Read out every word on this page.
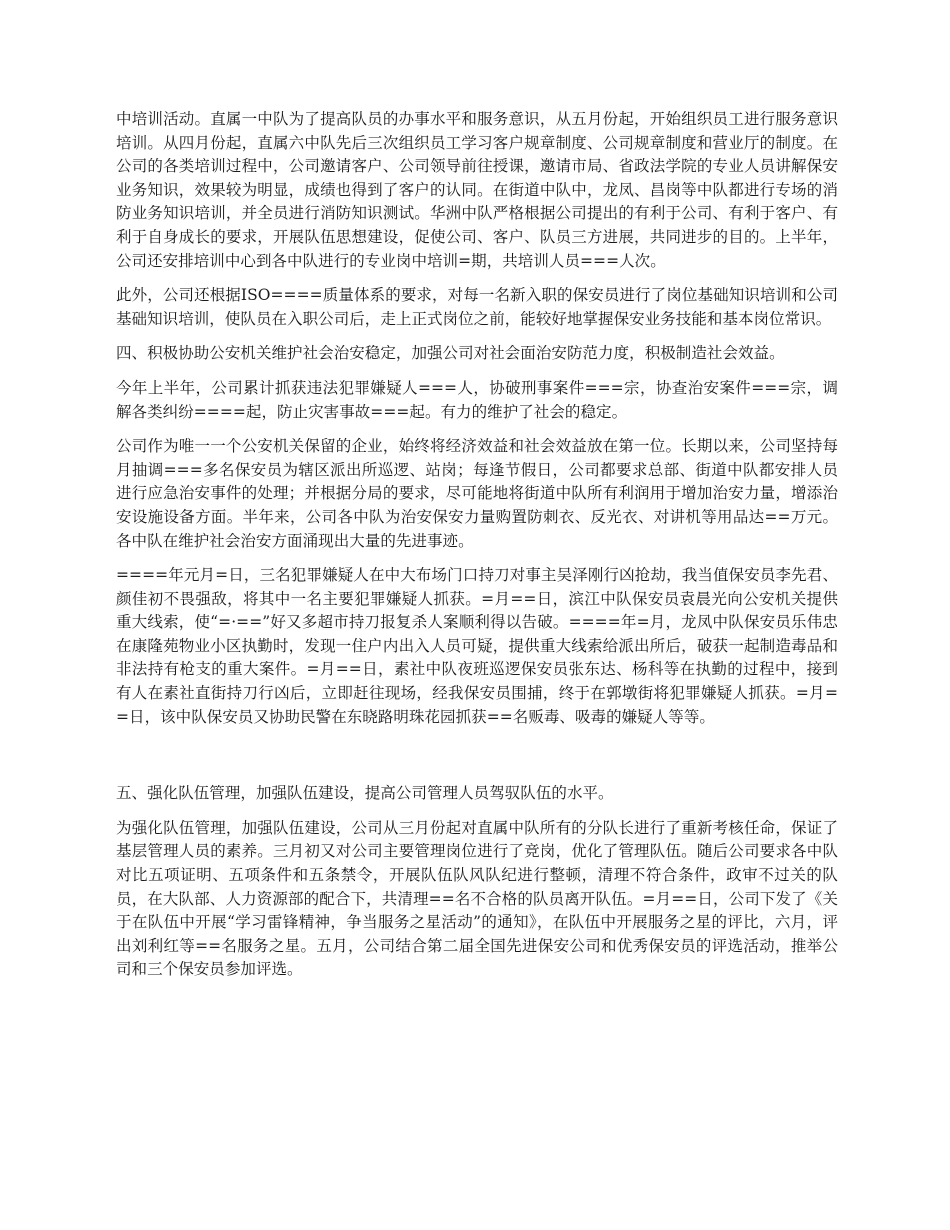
中培训活动。直属一中队为了提高队员的办事水平和服务意识，从五月份起，开始组织员工进行服务意识培训。从四月份起，直属六中队先后三次组织员工学习客户规章制度、公司规章制度和营业厅的制度。在公司的各类培训过程中，公司邀请客户、公司领导前往授课，邀请市局、省政法学院的专业人员讲解保安业务知识，效果较为明显，成绩也得到了客户的认同。在街道中队中，龙凤、昌岗等中队都进行专场的消防业务知识培训，并全员进行消防知识测试。华洲中队严格根据公司提出的有利于公司、有利于客户、有利于自身成长的要求，开展队伍思想建设，促使公司、客户、队员三方进展，共同进步的目的。上半年，公司还安排培训中心到各中队进行的专业岗中培训=期，共培训人员===人次。

此外，公司还根据ISO====质量体系的要求，对每一名新入职的保安员进行了岗位基础知识培训和公司基础知识培训，使队员在入职公司后，走上正式岗位之前，能较好地掌握保安业务技能和基本岗位常识。

四、积极协助公安机关维护社会治安稳定，加强公司对社会面治安防范力度，积极制造社会效益。

今年上半年，公司累计抓获违法犯罪嫌疑人===人，协破刑事案件===宗，协查治安案件===宗，调解各类纠纷====起，防止灾害事故===起。有力的维护了社会的稳定。

公司作为唯一一个公安机关保留的企业，始终将经济效益和社会效益放在第一位。长期以来，公司坚持每月抽调===多名保安员为辖区派出所巡逻、站岗；每逢节假日，公司都要求总部、街道中队都安排人员进行应急治安事件的处理；并根据分局的要求，尽可能地将街道中队所有利润用于增加治安力量，增添治安设施设备方面。半年来，公司各中队为治安保安力量购置防刺衣、反光衣、对讲机等用品达==万元。各中队在维护社会治安方面涌现出大量的先进事迹。

====年元月=日，三名犯罪嫌疑人在中大布场门口持刀对事主吴泽刚行凶抢劫，我当值保安员李先君、颜佳初不畏强敌，将其中一名主要犯罪嫌疑人抓获。=月==日，滨江中队保安员袁晨光向公安机关提供重大线索，使“=·==”好又多超市持刀报复杀人案顺利得以告破。====年=月，龙凤中队保安员乐伟忠在康隆苑物业小区执勤时，发现一住户内出入人员可疑，提供重大线索给派出所后，破获一起制造毒品和非法持有枪支的重大案件。=月==日，素社中队夜班巡逻保安员张东达、杨科等在执勤的过程中，接到有人在素社直街持刀行凶后，立即赶往现场，经我保安员围捕，终于在郭墩街将犯罪嫌疑人抓获。=月==日，该中队保安员又协助民警在东晓路明珠花园抓获==名贩毒、吸毒的嫌疑人等等。

五、强化队伍管理，加强队伍建设，提高公司管理人员驾驭队伍的水平。

为强化队伍管理，加强队伍建设，公司从三月份起对直属中队所有的分队长进行了重新考核任命，保证了基层管理人员的素养。三月初又对公司主要管理岗位进行了竞岗，优化了管理队伍。随后公司要求各中队对比五项证明、五项条件和五条禁令，开展队伍队风队纪进行整顿，清理不符合条件，政审不过关的队员，在大队部、人力资源部的配合下，共清理==名不合格的队员离开队伍。=月==日，公司下发了《关于在队伍中开展“学习雷锋精神，争当服务之星活动”的通知》，在队伍中开展服务之星的评比，六月，评出刘利红等==名服务之星。五月，公司结合第二届全国先进保安公司和优秀保安员的评选活动，推举公司和三个保安员参加评选。
